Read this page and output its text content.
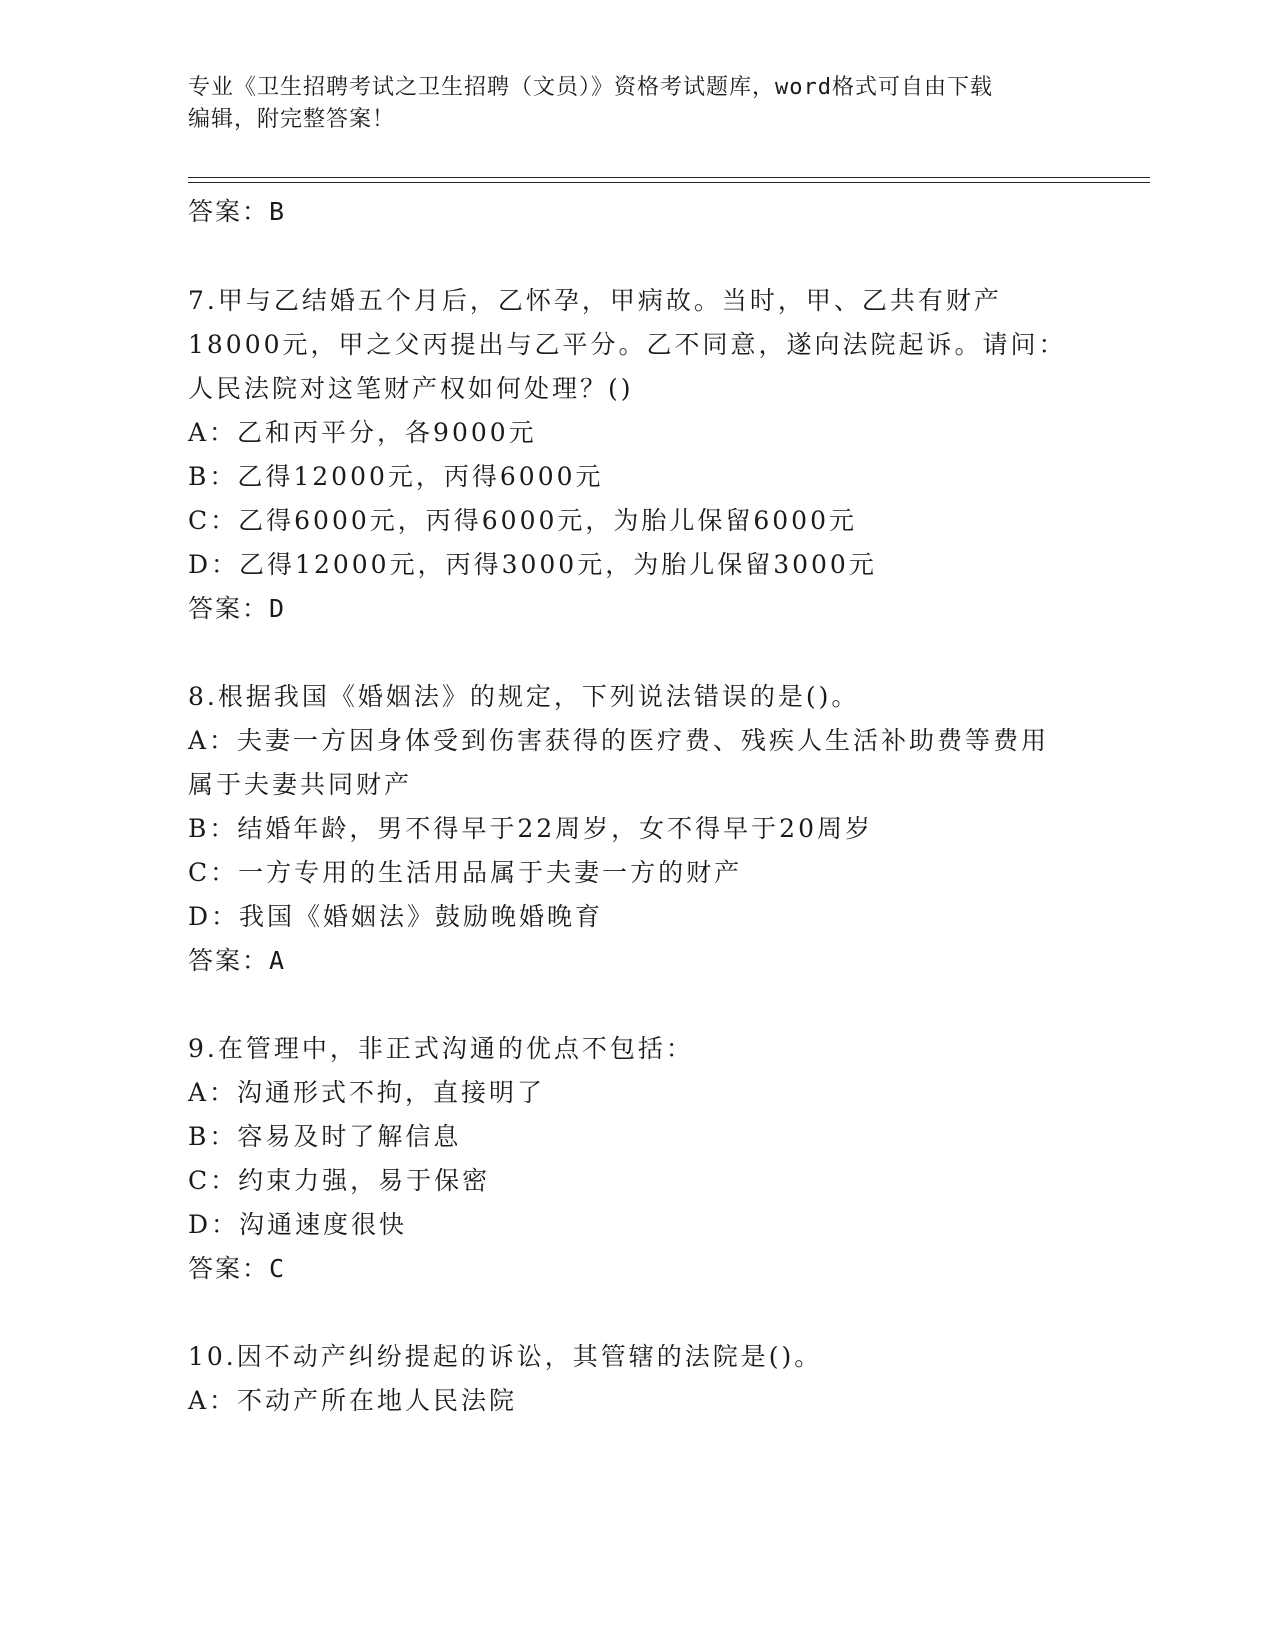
专业《卫生招聘考试之卫生招聘（文员）》资格考试题库，word格式可自由下载
编辑，附完整答案！
答案：B
7.甲与乙结婚五个月后，乙怀孕，甲病故。当时，甲、乙共有财产
18000元，甲之父丙提出与乙平分。乙不同意，遂向法院起诉。请问：
人民法院对这笔财产权如何处理？()
A：乙和丙平分，各9000元
B：乙得12000元，丙得6000元
C：乙得6000元，丙得6000元，为胎儿保留6000元
D：乙得12000元，丙得3000元，为胎儿保留3000元
答案：D
8.根据我国《婚姻法》的规定，下列说法错误的是()。
A：夫妻一方因身体受到伤害获得的医疗费、残疾人生活补助费等费用
属于夫妻共同财产
B：结婚年龄，男不得早于22周岁，女不得早于20周岁
C：一方专用的生活用品属于夫妻一方的财产
D：我国《婚姻法》鼓励晚婚晚育
答案：A
9.在管理中，非正式沟通的优点不包括：
A：沟通形式不拘，直接明了
B：容易及时了解信息
C：约束力强，易于保密
D：沟通速度很快
答案：C
10.因不动产纠纷提起的诉讼，其管辖的法院是()。
A：不动产所在地人民法院
